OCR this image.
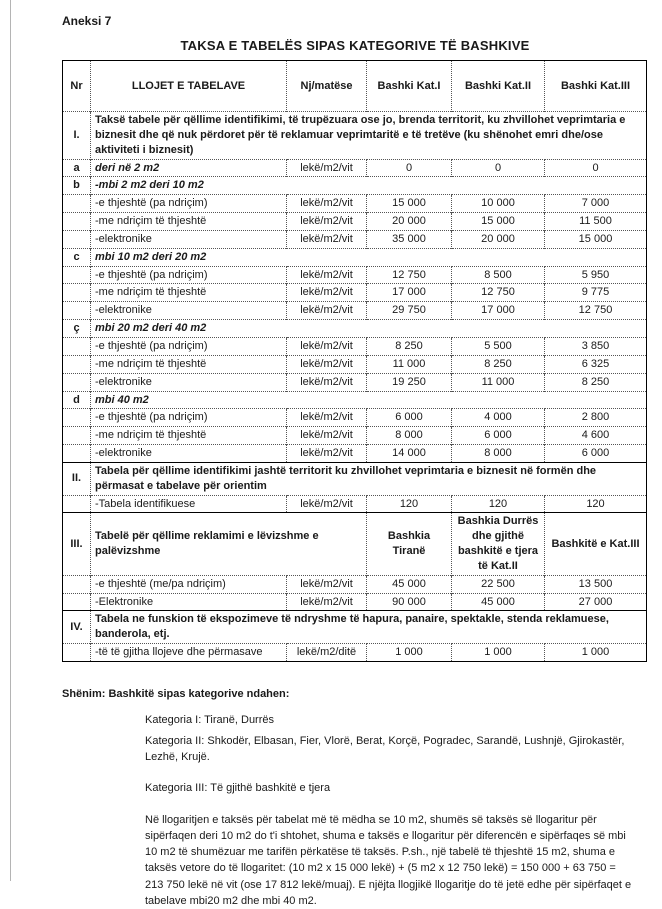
Aneksi 7

TAKSA E TABELËS SIPAS KATEGORIVE TË BASHKIVE

Nr	LLOJET E TABELAVE	Nj/matëse	Bashki Kat.I	Bashki Kat.II	Bashki Kat.III
I.	Taksë tabele për qëllime identifikimi, të trupëzuara ose jo, brenda territorit, ku zhvillohet veprimtaria e biznesit dhe që nuk përdoret për të reklamuar veprimtaritë e të tretëve (ku shënohet emri dhe/ose aktiviteti i biznesit)				
a	deri në 2 m2	lekë/m2/vit	0	0	0
b	-mbi 2 m2 deri 10 m2				
	-e thjeshtë (pa ndriçim)	lekë/m2/vit	15 000	10 000	7 000
	-me ndriçim të thjeshtë	lekë/m2/vit	20 000	15 000	11 500
	-elektronike	lekë/m2/vit	35 000	20 000	15 000
c	mbi 10 m2 deri 20 m2				
	-e thjeshtë (pa ndriçim)	lekë/m2/vit	12 750	8 500	5 950
	-me ndriçim të thjeshtë	lekë/m2/vit	17 000	12 750	9 775
	-elektronike	lekë/m2/vit	29 750	17 000	12 750
ç	mbi 20 m2 deri 40 m2				
	-e thjeshtë (pa ndriçim)	lekë/m2/vit	8 250	5 500	3 850
	-me ndriçim të thjeshtë	lekë/m2/vit	11 000	8 250	6 325
	-elektronike	lekë/m2/vit	19 250	11 000	8 250
d	mbi 40 m2				
	-e thjeshtë (pa ndriçim)	lekë/m2/vit	6 000	4 000	2 800
	-me ndriçim të thjeshtë	lekë/m2/vit	8 000	6 000	4 600
	-elektronike	lekë/m2/vit	14 000	8 000	6 000
II.	Tabela për qëllime identifikimi jashtë territorit ku zhvillohet veprimtaria e biznesit në formën dhe përmasat e tabelave për orientim				
	-Tabela identifikuese	lekë/m2/vit	120	120	120
III.	Tabelë për qëllime reklamimi e lëvizshme e palëvizshme		Bashkia Tiranë	Bashkia Durrës dhe gjithë bashkitë e tjera të Kat.II	Bashkitë e Kat.III
	-e thjeshtë (me/pa ndriçim)	lekë/m2/vit	45 000	22 500	13 500
	-Elektronike	lekë/m2/vit	90 000	45 000	27 000
IV.	Tabela ne funskion të ekspozimeve të ndryshme të hapura, panaire, spektakle, stenda reklamuese, banderola, etj.				
	-të të gjitha llojeve dhe përmasave	lekë/m2/ditë	1 000	1 000	1 000

Shënim: Bashkitë sipas kategorive ndahen:

Kategoria I: Tiranë, Durrës

Kategoria II: Shkodër, Elbasan, Fier, Vlorë, Berat, Korçë, Pogradec, Sarandë, Lushnjë, Gjirokastër, Lezhë, Krujë.

Kategoria III: Të gjithë bashkitë e tjera

Në llogaritjen e taksës për tabelat më të mëdha se 10 m2, shumës së taksës së llogaritur për sipërfaqen deri 10 m2 do t'i shtohet, shuma e taksës e llogaritur për diferencën e sipërfaqes së mbi 10 m2 të shumëzuar me tarifën përkatëse të taksës. P.sh., një tabelë të thjeshtë 15 m2, shuma e taksës vetore do të llogaritet: (10 m2 x 15 000 lekë) + (5 m2 x 12 750 lekë) = 150 000 + 63 750 = 213 750 lekë në vit (ose 17 812 lekë/muaj). E njëjta llogjikë llogaritje do të jetë edhe për sipërfaqet e tabelave mbi20 m2 dhe mbi 40 m2.
